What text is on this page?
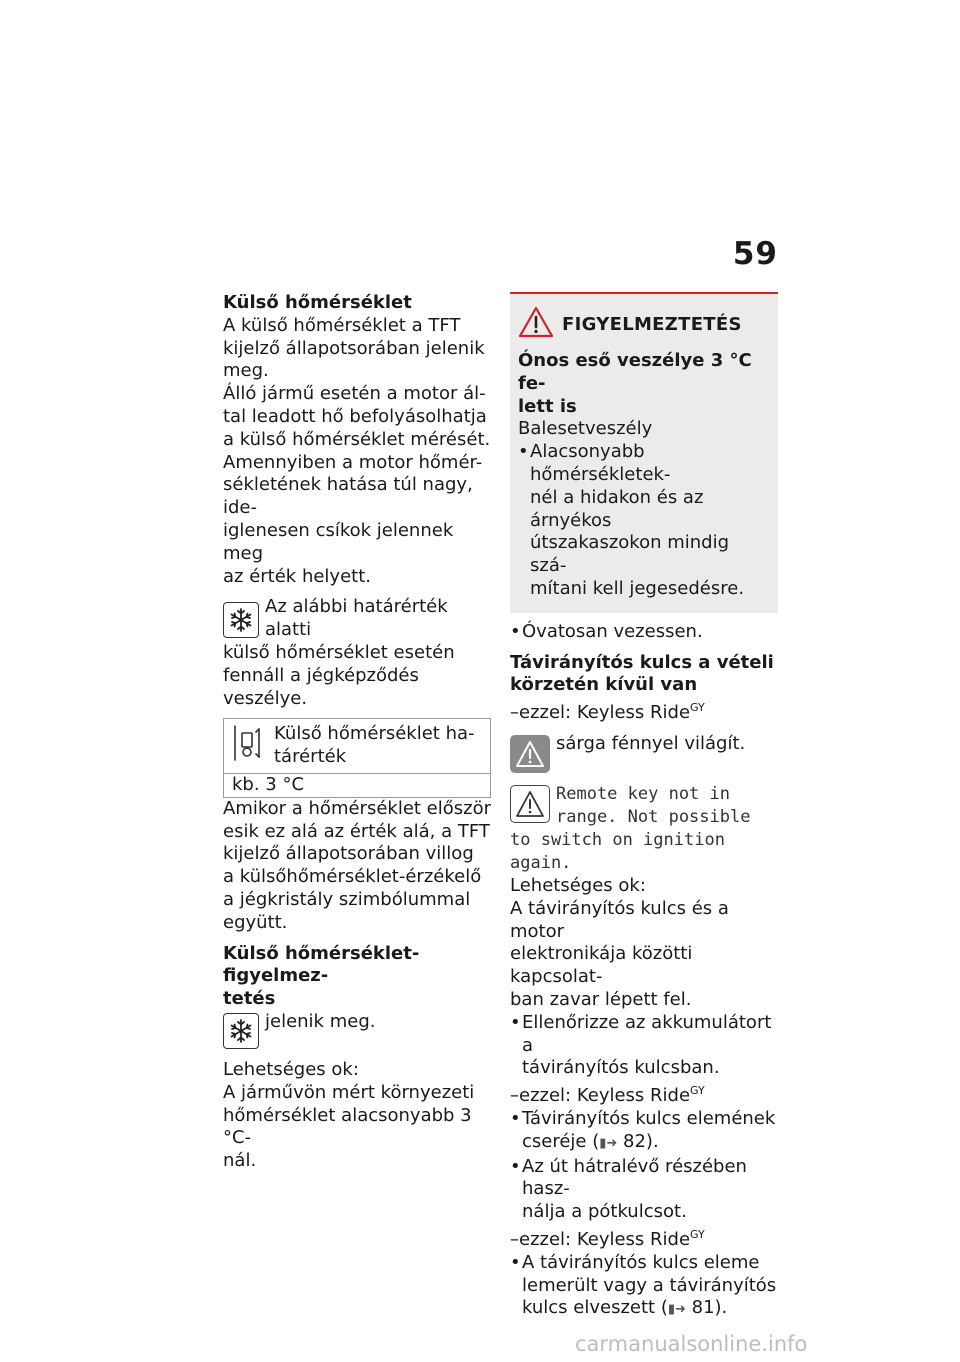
59

Külső hőmérséklet

A külső hőmérséklet a TFT

kijelző állapotsorában jelenik

meg.

Álló jármű esetén a motor ál-

tal leadott hő befolyásolhatja

a külső hőmérséklet mérését.

Amennyiben a motor hőmér-

sékletének hatása túl nagy, ide-

iglenesen csíkok jelennek meg

az érték helyett.

Az alábbi határérték alatti

külső hőmérséklet esetén

fennáll a jégképződés veszélye.

Külső hőmérséklet ha-

tárérték

kb. 3 °C

Amikor a hőmérséklet először

esik ez alá az érték alá, a TFT

kijelző állapotsorában villog

a külsőhőmérséklet-érzékelő

a jégkristály szimbólummal

együtt.

Külső hőmérséklet-figyelmez-

tetés

jelenik meg.

Lehetséges ok:

A járművön mért környezeti

hőmérséklet alacsonyabb 3 °C-

nál.

FIGYELMEZTETÉS

Ónos eső veszélye 3 °C fe-

lett is

Balesetveszély

• Alacsonyabb hőmérsékletek-
nél a hidakon és az árnyékos
útszakaszokon mindig szá-
mítani kell jegesedésre.
• Óvatosan vezessen.

Távirányítós kulcs a vételi

körzetén kívül van

–ezzel: Keyless Ride$^{GY}$

sárga fénnyel világít.

Remote key not in

range. Not possible

to switch on ignition

again.

Lehetséges ok:

A távirányítós kulcs és a motor

elektronikája közötti kapcsolat-

ban zavar lépett fel.

• Ellenőrizze az akkumulátort a
távirányítós kulcsban.

–ezzel: Keyless Ride$^{GY}$

• Távirányítós kulcs elemének
cseréje (▮➜ 82).
• Az út hátralévő részében hasz-
nálja a pótkulcsot.

–ezzel: Keyless Ride$^{GY}$

• A távirányítós kulcs eleme
lemerült vagy a távirányítós
kulcs elveszett (▮➜ 81).
carmanualsonline.info
